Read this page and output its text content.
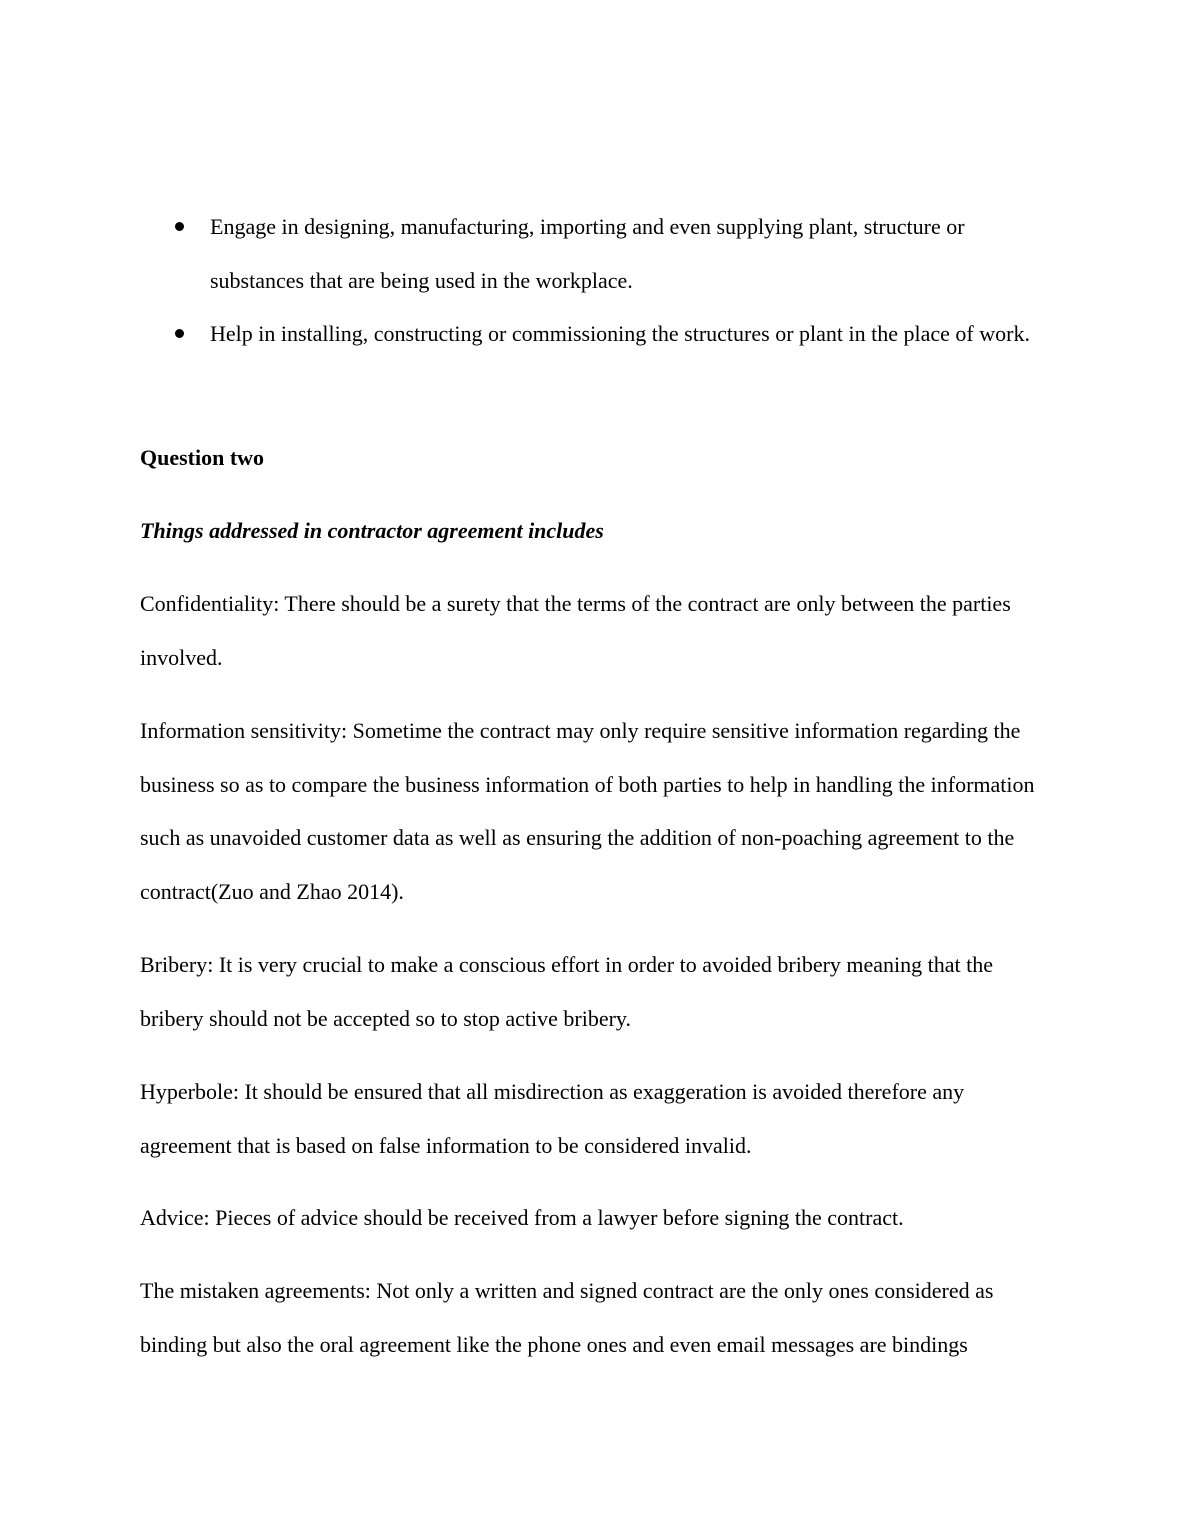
Engage in designing, manufacturing, importing and even supplying plant, structure or substances that are being used in the workplace.
Help in installing, constructing or commissioning the structures or plant in the place of work.
Question two
Things addressed in contractor agreement includes
Confidentiality: There should be a surety that the terms of the contract are only between the parties involved.
Information sensitivity: Sometime the contract may only require sensitive information regarding the business so as to compare the business information of both parties to help in handling the information such as unavoided customer data as well as ensuring the addition of non-poaching agreement to the contract(Zuo and Zhao 2014).
Bribery: It is very crucial to make a conscious effort in order to avoided bribery meaning that the bribery should not be accepted so to stop active bribery.
Hyperbole: It should be ensured that all misdirection as exaggeration is avoided therefore any agreement that is based on false information to be considered invalid.
Advice: Pieces of advice should be received from a lawyer before signing the contract.
The mistaken agreements: Not only a written and signed contract are the only ones considered as binding but also the oral agreement like the phone ones and even email messages are bindings
